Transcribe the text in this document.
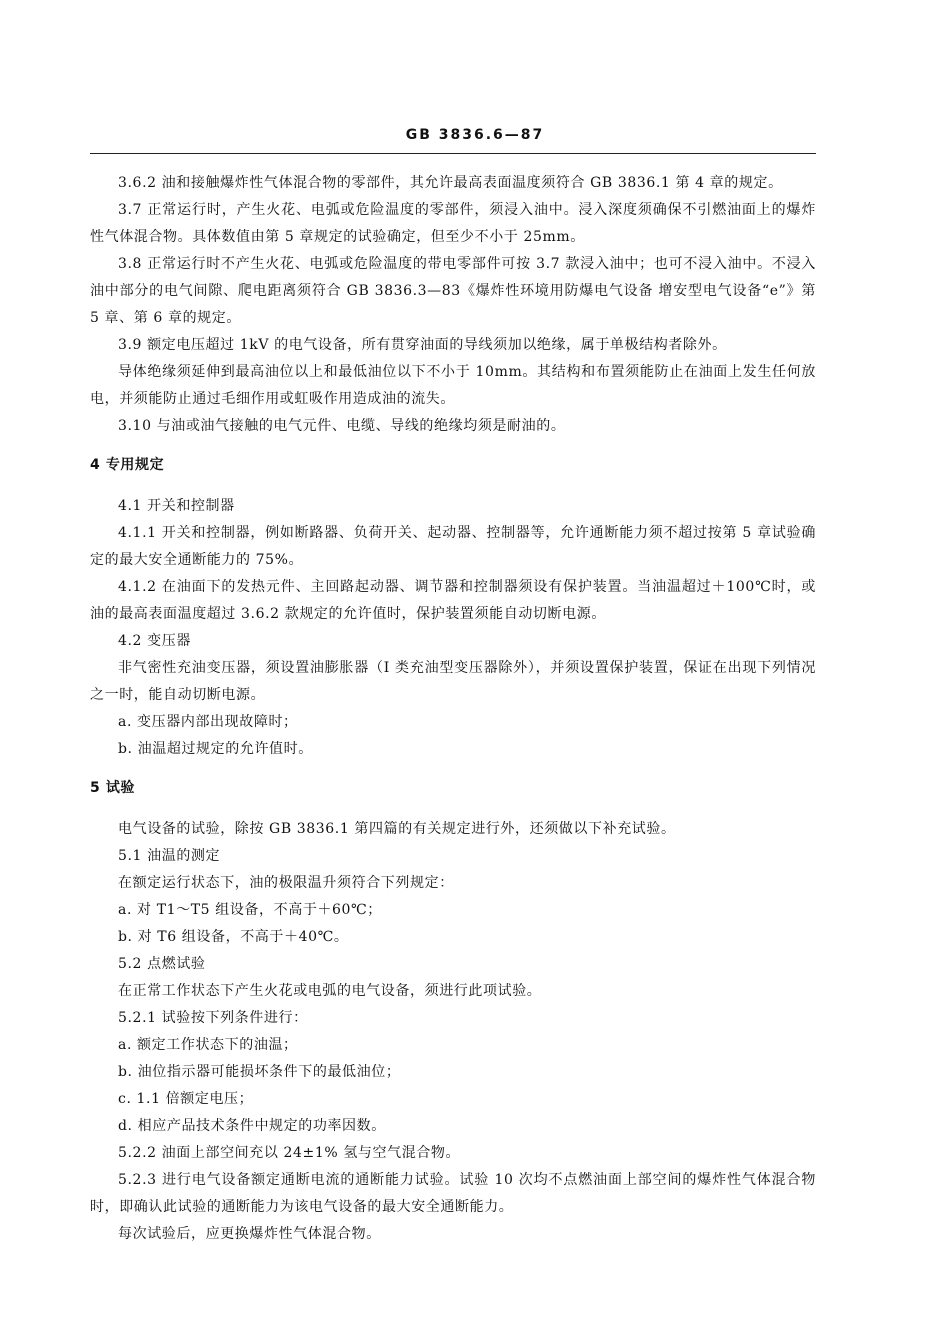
GB 3836.6—87

3.6.2 油和接触爆炸性气体混合物的零部件，其允许最高表面温度须符合 GB 3836.1 第 4 章的规定。

3.7 正常运行时，产生火花、电弧或危险温度的零部件，须浸入油中。浸入深度须确保不引燃油面上的爆炸性气体混合物。具体数值由第 5 章规定的试验确定，但至少不小于 25mm。

3.8 正常运行时不产生火花、电弧或危险温度的带电零部件可按 3.7 款浸入油中；也可不浸入油中。不浸入油中部分的电气间隙、爬电距离须符合 GB 3836.3—83《爆炸性环境用防爆电气设备 增安型电气设备“e”》第 5 章、第 6 章的规定。

3.9 额定电压超过 1kV 的电气设备，所有贯穿油面的导线须加以绝缘，属于单极结构者除外。

导体绝缘须延伸到最高油位以上和最低油位以下不小于 10mm。其结构和布置须能防止在油面上发生任何放电，并须能防止通过毛细作用或虹吸作用造成油的流失。

3.10 与油或油气接触的电气元件、电缆、导线的绝缘均须是耐油的。

4 专用规定

4.1 开关和控制器

4.1.1 开关和控制器，例如断路器、负荷开关、起动器、控制器等，允许通断能力须不超过按第 5 章试验确定的最大安全通断能力的 75%。

4.1.2 在油面下的发热元件、主回路起动器、调节器和控制器须设有保护装置。当油温超过＋100℃时，或油的最高表面温度超过 3.6.2 款规定的允许值时，保护装置须能自动切断电源。

4.2 变压器

非气密性充油变压器，须设置油膨胀器（I 类充油型变压器除外），并须设置保护装置，保证在出现下列情况之一时，能自动切断电源。

a. 变压器内部出现故障时；

b. 油温超过规定的允许值时。

5 试验

电气设备的试验，除按 GB 3836.1 第四篇的有关规定进行外，还须做以下补充试验。

5.1 油温的测定

在额定运行状态下，油的极限温升须符合下列规定：

a. 对 T1～T5 组设备，不高于＋60℃；

b. 对 T6 组设备，不高于＋40℃。

5.2 点燃试验

在正常工作状态下产生火花或电弧的电气设备，须进行此项试验。

5.2.1 试验按下列条件进行：

a. 额定工作状态下的油温；

b. 油位指示器可能损坏条件下的最低油位；

c. 1.1 倍额定电压；

d. 相应产品技术条件中规定的功率因数。

5.2.2 油面上部空间充以 24±1% 氢与空气混合物。

5.2.3 进行电气设备额定通断电流的通断能力试验。试验 10 次均不点燃油面上部空间的爆炸性气体混合物时，即确认此试验的通断能力为该电气设备的最大安全通断能力。

每次试验后，应更换爆炸性气体混合物。
